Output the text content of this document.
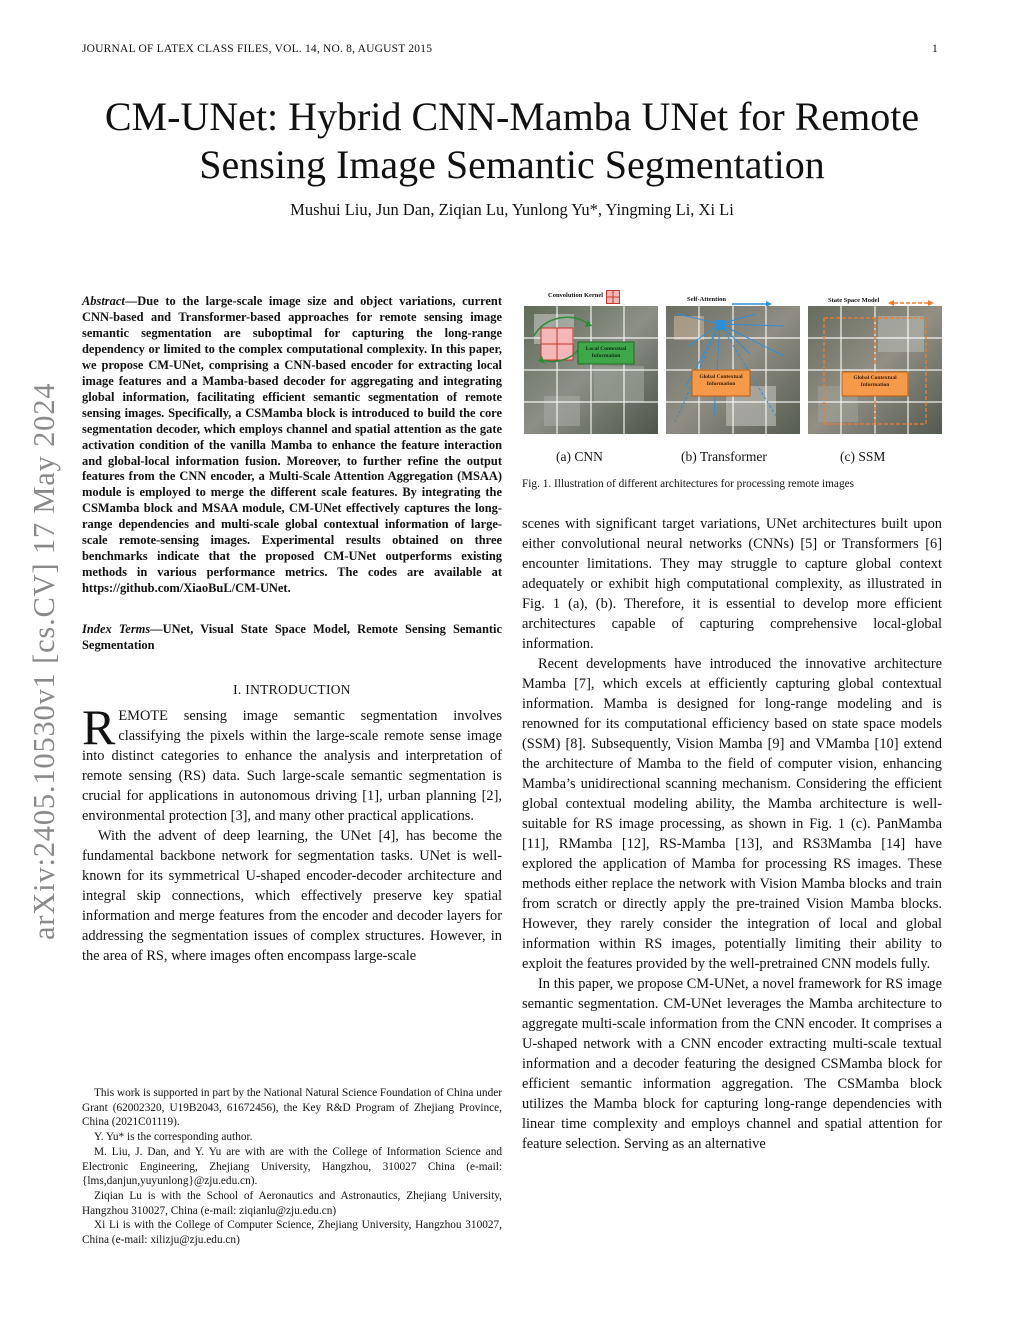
JOURNAL OF LATEX CLASS FILES, VOL. 14, NO. 8, AUGUST 2015	1
CM-UNet: Hybrid CNN-Mamba UNet for Remote Sensing Image Semantic Segmentation
Mushui Liu, Jun Dan, Ziqian Lu, Yunlong Yu*, Yingming Li, Xi Li
arXiv:2405.10530v1 [cs.CV] 17 May 2024

Abstract—Due to the large-scale image size and object variations, current CNN-based and Transformer-based approaches for remote sensing image semantic segmentation are suboptimal for capturing the long-range dependency or limited to the complex computational complexity. In this paper, we propose CM-UNet, comprising a CNN-based encoder for extracting local image features and a Mamba-based decoder for aggregating and integrating global information, facilitating efficient semantic segmentation of remote sensing images. Specifically, a CSMamba block is introduced to build the core segmentation decoder, which employs channel and spatial attention as the gate activation condition of the vanilla Mamba to enhance the feature interaction and global-local information fusion. Moreover, to further refine the output features from the CNN encoder, a Multi-Scale Attention Aggregation (MSAA) module is employed to merge the different scale features. By integrating the CSMamba block and MSAA module, CM-UNet effectively captures the long-range dependencies and multi-scale global contextual information of large-scale remote-sensing images. Experimental results obtained on three benchmarks indicate that the proposed CM-UNet outperforms existing methods in various performance metrics. The codes are available at https://github.com/XiaoBuL/CM-UNet.

Index Terms—UNet, Visual State Space Model, Remote Sensing Semantic Segmentation

I. INTRODUCTION

REMOTE sensing image semantic segmentation involves classifying the pixels within the large-scale remote sense image into distinct categories to enhance the analysis and interpretation of remote sensing (RS) data. Such large-scale semantic segmentation is crucial for applications in autonomous driving [1], urban planning [2], environmental protection [3], and many other practical applications.

With the advent of deep learning, the UNet [4], has become the fundamental backbone network for segmentation tasks. UNet is well-known for its symmetrical U-shaped encoder-decoder architecture and integral skip connections, which effectively preserve key spatial information and merge features from the encoder and decoder layers for addressing the segmentation issues of complex structures. However, in the area of RS, where images often encompass large-scale

This work is supported in part by the National Natural Science Foundation of China under Grant (62002320, U19B2043, 61672456), the Key R&D Program of Zhejiang Province, China (2021C01119).

Y. Yu* is the corresponding author.

M. Liu, J. Dan, and Y. Yu are with are with the College of Information Science and Electronic Engineering, Zhejiang University, Hangzhou, 310027 China (e-mail: {lms,danjun,yuyunlong}@zju.edu.cn).

Ziqian Lu is with the School of Aeronautics and Astronautics, Zhejiang University, Hangzhou 310027, China (e-mail: ziqianlu@zju.edu.cn)

Xi Li is with the College of Computer Science, Zhejiang University, Hangzhou 310027, China (e-mail: xilizju@zju.edu.cn)

Convolution Kernel
Self-Attention	State Space Model
Local Contextual Information
Global Contextual Information
Global Contextual Information
(a) CNN	(b) Transformer	(c) SSM

Fig. 1. Illustration of different architectures for processing remote images

scenes with significant target variations, UNet architectures built upon either convolutional neural networks (CNNs) [5] or Transformers [6] encounter limitations. They may struggle to capture global context adequately or exhibit high computational complexity, as illustrated in Fig. 1 (a), (b). Therefore, it is essential to develop more efficient architectures capable of capturing comprehensive local-global information.

Recent developments have introduced the innovative architecture Mamba [7], which excels at efficiently capturing global contextual information. Mamba is designed for long-range modeling and is renowned for its computational efficiency based on state space models (SSM) [8]. Subsequently, Vision Mamba [9] and VMamba [10] extend the architecture of Mamba to the field of computer vision, enhancing Mamba’s unidirectional scanning mechanism. Considering the efficient global contextual modeling ability, the Mamba architecture is well-suitable for RS image processing, as shown in Fig. 1 (c). PanMamba [11], RMamba [12], RS-Mamba [13], and RS3Mamba [14] have explored the application of Mamba for processing RS images. These methods either replace the network with Vision Mamba blocks and train from scratch or directly apply the pre-trained Vision Mamba blocks. However, they rarely consider the integration of local and global information within RS images, potentially limiting their ability to exploit the features provided by the well-pretrained CNN models fully.

In this paper, we propose CM-UNet, a novel framework for RS image semantic segmentation. CM-UNet leverages the Mamba architecture to aggregate multi-scale information from the CNN encoder. It comprises a U-shaped network with a CNN encoder extracting multi-scale textual information and a decoder featuring the designed CSMamba block for efficient semantic information aggregation. The CSMamba block utilizes the Mamba block for capturing long-range dependencies with linear time complexity and employs channel and spatial attention for feature selection. Serving as an alternative
